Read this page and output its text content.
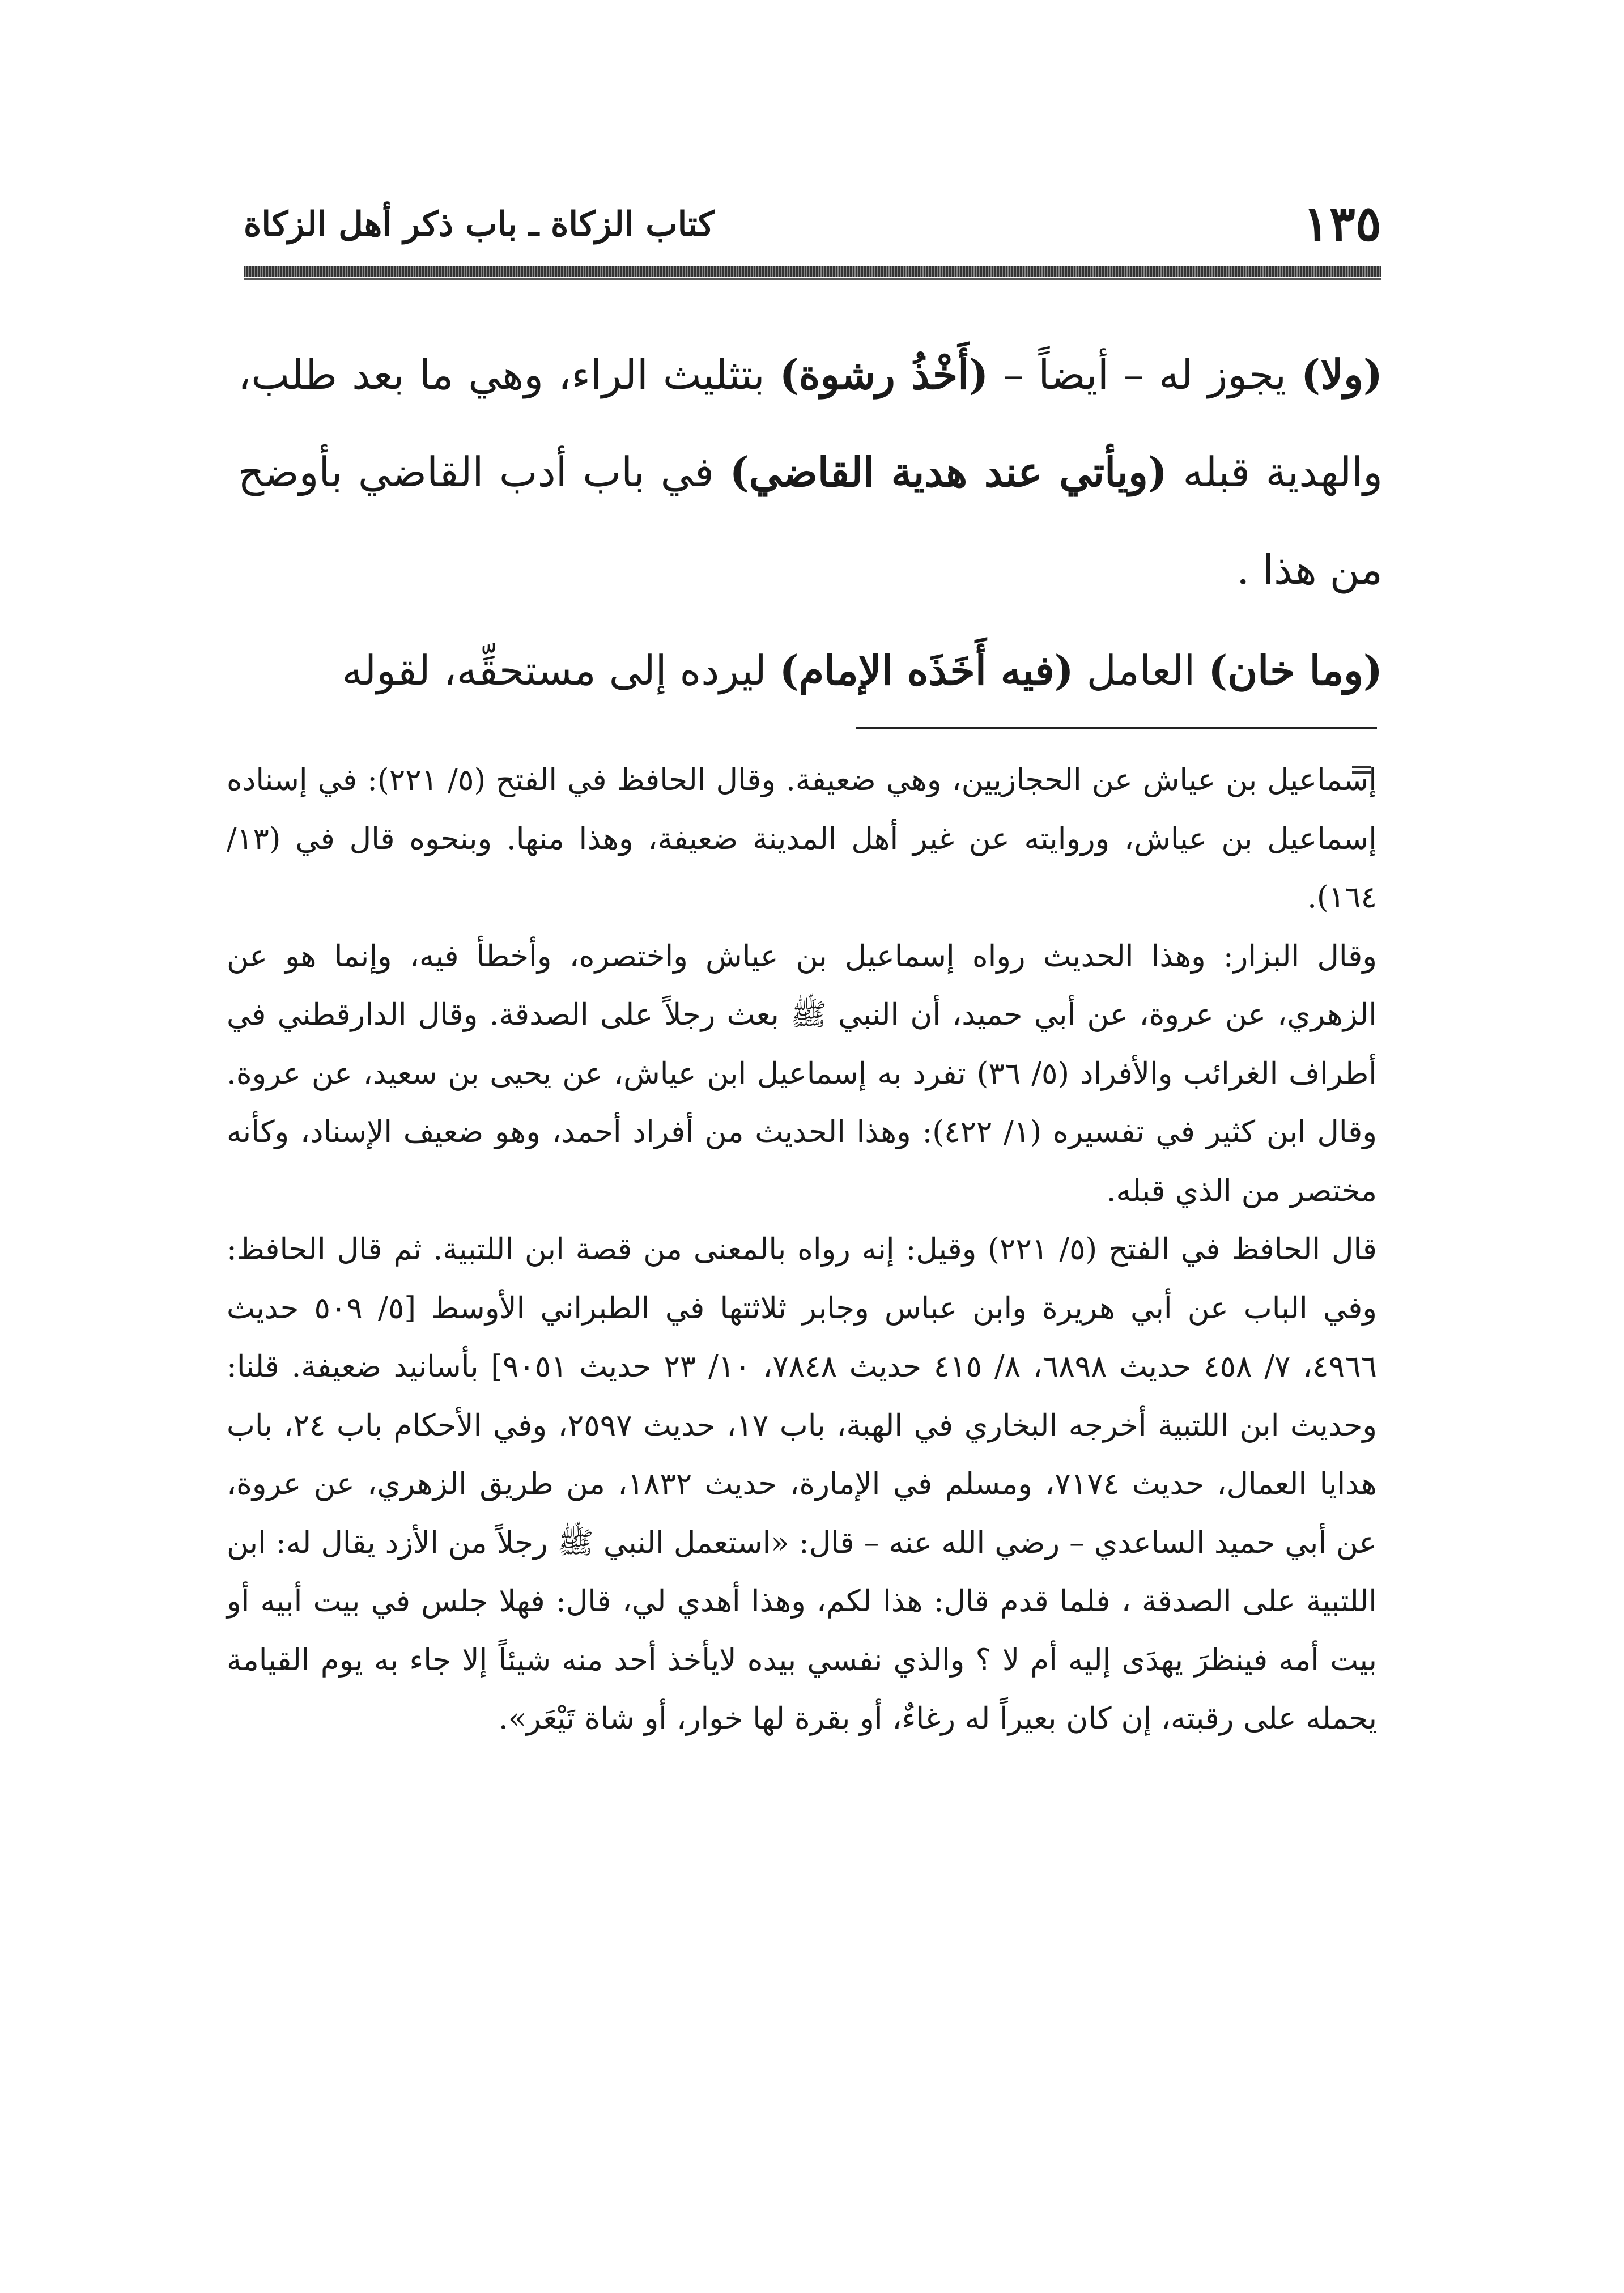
١٣٥
كتاب الزكاة ـ باب ذكر أهل الزكاة

(ولا) يجوز له – أيضاً – (أَخْذُ رشوة) بتثليث الراء، وهي ما بعد طلب، والهدية قبله (ويأتي عند هدية القاضي) في باب أدب القاضي بأوضح من هذا .

(وما خان) العامل (فيه أَخَذَه الإمام) ليرده إلى مستحقِّه، لقوله

إسماعيل بن عياش عن الحجازيين، وهي ضعيفة. وقال الحافظ في الفتح (٥/ ٢٢١): في إسناده إسماعيل بن عياش، وروايته عن غير أهل المدينة ضعيفة، وهذا منها. وبنحوه قال في (١٣/ ١٦٤).

وقال البزار: وهذا الحديث رواه إسماعيل بن عياش واختصره، وأخطأ فيه، وإنما هو عن الزهري، عن عروة، عن أبي حميد، أن النبي ﷺ بعث رجلاً على الصدقة. وقال الدارقطني في أطراف الغرائب والأفراد (٥/ ٣٦) تفرد به إسماعيل ابن عياش، عن يحيى بن سعيد، عن عروة. وقال ابن كثير في تفسيره (١/ ٤٢٢): وهذا الحديث من أفراد أحمد، وهو ضعيف الإسناد، وكأنه مختصر من الذي قبله.

قال الحافظ في الفتح (٥/ ٢٢١) وقيل: إنه رواه بالمعنى من قصة ابن اللتبية. ثم قال الحافظ: وفي الباب عن أبي هريرة وابن عباس وجابر ثلاثتها في الطبراني الأوسط [٥/ ٥٠٩ حديث ٤٩٦٦، ٧/ ٤٥٨ حديث ٦٨٩٨، ٨/ ٤١٥ حديث ٧٨٤٨، ١٠/ ٢٣ حديث ٩٠٥١] بأسانيد ضعيفة. قلنا: وحديث ابن اللتبية أخرجه البخاري في الهبة، باب ١٧، حديث ٢٥٩٧، وفي الأحكام باب ٢٤، باب هدايا العمال، حديث ٧١٧٤، ومسلم في الإمارة، حديث ١٨٣٢، من طريق الزهري، عن عروة، عن أبي حميد الساعدي – رضي الله عنه – قال: «استعمل النبي ﷺ رجلاً من الأزد يقال له: ابن اللتبية على الصدقة ، فلما قدم قال: هذا لكم، وهذا أهدي لي، قال: فهلا جلس في بيت أبيه أو بيت أمه فينظرَ يهدَى إليه أم لا ؟ والذي نفسي بيده لايأخذ أحد منه شيئاً إلا جاء به يوم القيامة يحمله على رقبته، إن كان بعيراً له رغاءٌ، أو بقرة لها خوار، أو شاة تَيْعَر».
